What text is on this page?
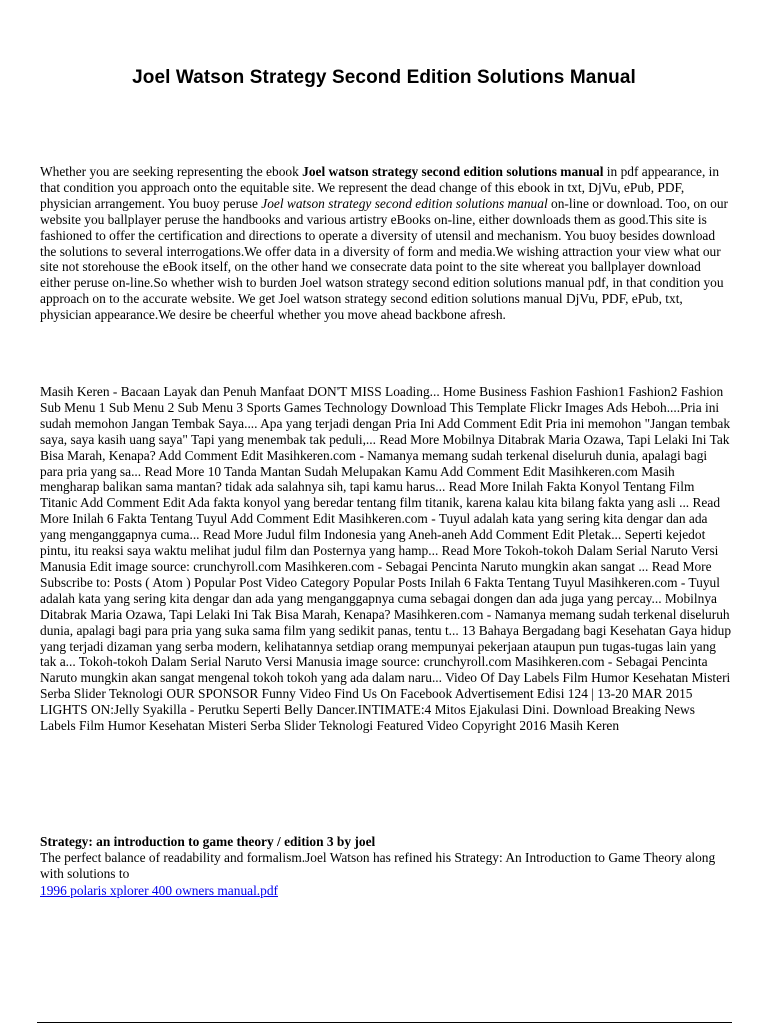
Joel Watson Strategy Second Edition Solutions Manual

Whether you are seeking representing the ebook Joel watson strategy second edition solutions manual in pdf appearance, in that condition you approach onto the equitable site. We represent the dead change of this ebook in txt, DjVu, ePub, PDF, physician arrangement. You buoy peruse Joel watson strategy second edition solutions manual on-line or download. Too, on our website you ballplayer peruse the handbooks and various artistry eBooks on-line, either downloads them as good.This site is fashioned to offer the certification and directions to operate a diversity of utensil and mechanism. You buoy besides download the solutions to several interrogations.We offer data in a diversity of form and media.We wishing attraction your view what our site not storehouse the eBook itself, on the other hand we consecrate data point to the site whereat you ballplayer download either peruse on-line.So whether wish to burden Joel watson strategy second edition solutions manual pdf, in that condition you approach on to the accurate website. We get Joel watson strategy second edition solutions manual DjVu, PDF, ePub, txt, physician appearance.We desire be cheerful whether you move ahead backbone afresh.

Masih Keren - Bacaan Layak dan Penuh Manfaat DON'T MISS Loading... Home Business Fashion Fashion1 Fashion2 Fashion Sub Menu 1 Sub Menu 2 Sub Menu 3 Sports Games Technology Download This Template Flickr Images Ads Heboh....Pria ini sudah memohon Jangan Tembak Saya.... Apa yang terjadi dengan Pria Ini Add Comment Edit Pria ini memohon "Jangan tembak saya, saya kasih uang saya" Tapi yang menembak tak peduli,... Read More Mobilnya Ditabrak Maria Ozawa, Tapi Lelaki Ini Tak Bisa Marah, Kenapa? Add Comment Edit Masihkeren.com - Namanya memang sudah terkenal diseluruh dunia, apalagi bagi para pria yang sa... Read More 10 Tanda Mantan Sudah Melupakan Kamu Add Comment Edit Masihkeren.com Masih mengharap balikan sama mantan? tidak ada salahnya sih, tapi kamu harus... Read More Inilah Fakta Konyol Tentang Film Titanic Add Comment Edit Ada fakta konyol yang beredar tentang film titanik, karena kalau kita bilang fakta yang asli ... Read More Inilah 6 Fakta Tentang Tuyul Add Comment Edit Masihkeren.com - Tuyul adalah kata yang sering kita dengar dan ada yang menganggapnya cuma... Read More Judul film Indonesia yang Aneh-aneh Add Comment Edit Pletak... Seperti kejedot pintu, itu reaksi saya waktu melihat judul film dan Posternya yang hamp... Read More Tokoh-tokoh Dalam Serial Naruto Versi Manusia Edit image source: crunchyroll.com Masihkeren.com - Sebagai Pencinta Naruto mungkin akan sangat ... Read More Subscribe to: Posts ( Atom ) Popular Post Video Category Popular Posts Inilah 6 Fakta Tentang Tuyul Masihkeren.com - Tuyul adalah kata yang sering kita dengar dan ada yang menganggapnya cuma sebagai dongen dan ada juga yang percay... Mobilnya Ditabrak Maria Ozawa, Tapi Lelaki Ini Tak Bisa Marah, Kenapa? Masihkeren.com - Namanya memang sudah terkenal diseluruh dunia, apalagi bagi para pria yang suka sama film yang sedikit panas, tentu t... 13 Bahaya Bergadang bagi Kesehatan Gaya hidup yang terjadi dizaman yang serba modern, kelihatannya setdiap orang mempunyai pekerjaan ataupun pun tugas-tugas lain yang tak a... Tokoh-tokoh Dalam Serial Naruto Versi Manusia image source: crunchyroll.com Masihkeren.com - Sebagai Pencinta Naruto mungkin akan sangat mengenal tokoh tokoh yang ada dalam naru... Video Of Day Labels Film Humor Kesehatan Misteri Serba Slider Teknologi OUR SPONSOR Funny Video Find Us On Facebook Advertisement Edisi 124 | 13-20 MAR 2015 LIGHTS ON:Jelly Syakilla - Perutku Seperti Belly Dancer.INTIMATE:4 Mitos Ejakulasi Dini. Download Breaking News Labels Film Humor Kesehatan Misteri Serba Slider Teknologi Featured Video Copyright 2016 Masih Keren

Strategy: an introduction to game theory / edition 3 by joel

The perfect balance of readability and formalism.Joel Watson has refined his Strategy: An Introduction to Game Theory along with solutions to

1996 polaris xplorer 400 owners manual.pdf
